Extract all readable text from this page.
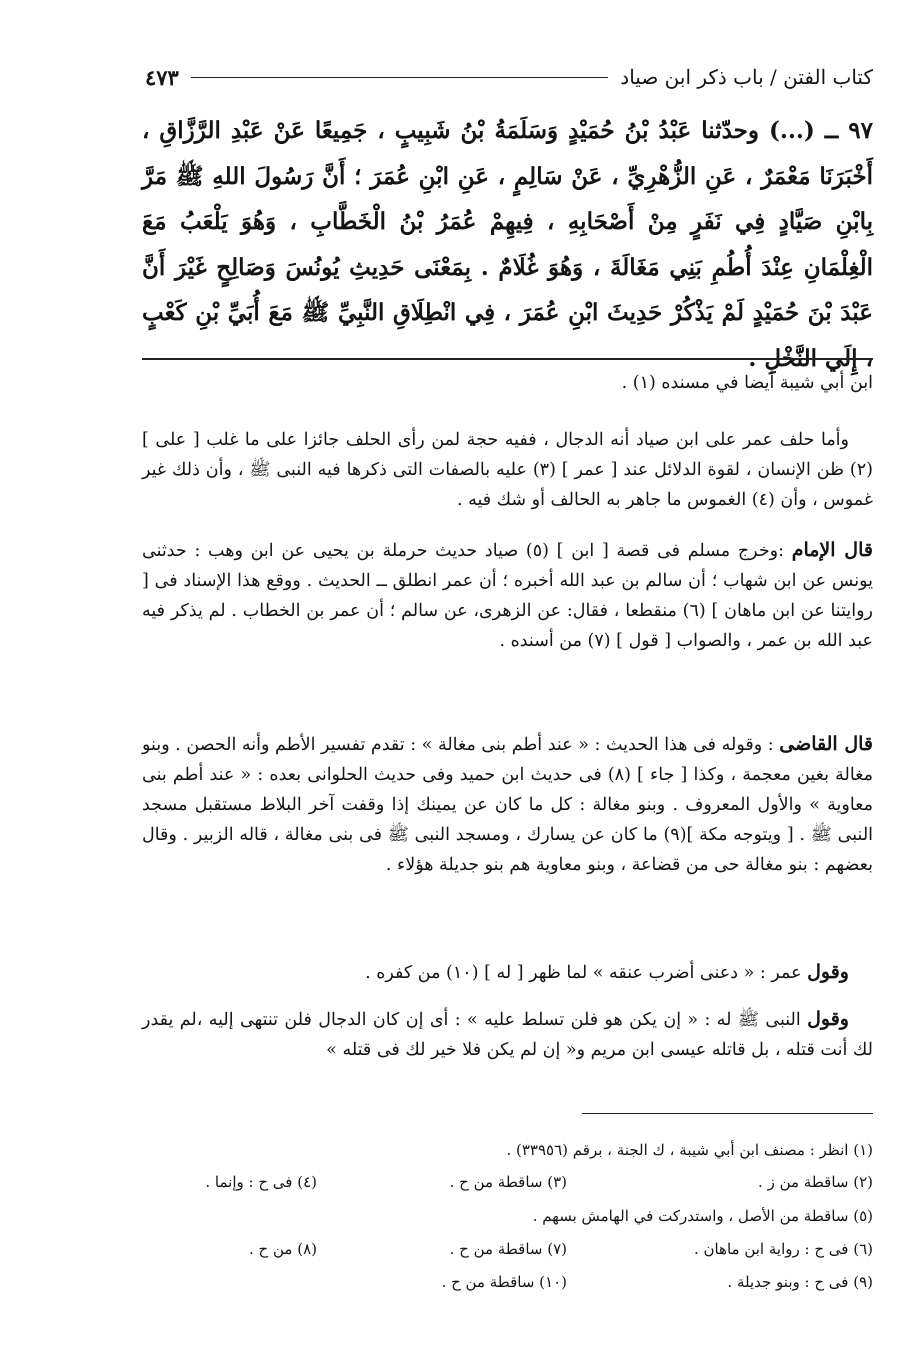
كتاب الفتن / باب ذكر ابن صياد
٤٧٣
٩٧ ــ (...) وحدّثنا عَبْدُ بْنُ حُمَيْدٍ وَسَلَمَةُ بْنُ شَبِيبٍ ، جَمِيعًا عَنْ عَبْدِ الرَّزَّاقِ ، أَخْبَرَنَا مَعْمَرٌ ، عَنِ الزُّهْرِيِّ ، عَنْ سَالِمٍ ، عَنِ ابْنِ عُمَرَ ؛ أَنَّ رَسُولَ اللهِ ﷺ مَرَّ بِابْنِ صَيَّادٍ فِي نَفَرٍ مِنْ أَصْحَابِهِ ، فِيهِمْ عُمَرُ بْنُ الْخَطَّابِ ، وَهُوَ يَلْعَبُ مَعَ الْغِلْمَانِ عِنْدَ أُطُمِ بَنِي مَغَالَةَ ، وَهُوَ غُلَامٌ . بِمَعْنَى حَدِيثِ يُونُسَ وَصَالِحٍ غَيْرَ أَنَّ عَبْدَ بْنَ حُمَيْدٍ لَمْ يَذْكُرْ حَدِيثَ ابْنِ عُمَرَ ، فِي انْطِلَاقِ النَّبِيِّ ﷺ مَعَ أُبَيِّ بْنِ كَعْبٍ ، إِلَي النَّخْلِ .

ابن أبي شيبة أيضا في مسنده (١) .

وأما حلف عمر على ابن صياد أنه الدجال ، ففيه حجة لمن رأى الحلف جائزا على ما غلب [ على ] (٢) ظن الإنسان ، لقوة الدلائل عند [ عمر ] (٣) عليه بالصفات التى ذكرها فيه النبى ﷺ ، وأن ذلك غير غموس ، وأن (٤) الغموس ما جاهر به الحالف أو شك فيه .

قال الإمام :وخرج مسلم فى قصة [ ابن ] (٥) صياد حديث حرملة بن يحيى عن ابن وهب : حدثنى يونس عن ابن شهاب ؛ أن سالم بن عبد الله أخبره ؛ أن عمر انطلق ــ الحديث . ووقع هذا الإسناد فى [ روايتنا عن ابن ماهان ] (٦) منقطعا ، فقال: عن الزهرى، عن سالم ؛ أن عمر بن الخطاب . لم يذكر فيه عبد الله بن عمر ، والصواب [ قول ] (٧) من أسنده .

قال القاضى : وقوله فى هذا الحديث : « عند أطم بنى مغالة » : تقدم تفسير الأطم وأنه الحصن . وبنو مغالة بغين معجمة ، وكذا [ جاء ] (٨) فى حديث ابن حميد وفى حديث الحلوانى بعده : « عند أطم بنى معاوية » والأول المعروف . وبنو مغالة : كل ما كان عن يمينك إذا وقفت آخر البلاط مستقبل مسجد النبى ﷺ . [ ويتوجه مكة ](٩) ما كان عن يسارك ، ومسجد النبى ﷺ فى بنى مغالة ، قاله الزبير . وقال بعضهم : بنو مغالة حى من قضاعة ، وبنو معاوية هم بنو جديلة هؤلاء .

وقول عمر : « دعنى أضرب عنقه » لما ظهر [ له ] (١٠) من كفره .

وقول النبى ﷺ له : « إن يكن هو فلن تسلط عليه » : أى إن كان الدجال فلن تنتهى إليه ،لم يقدر لك أنت قتله ، بل قاتله عيسى ابن مريم و« إن لم يكن فلا خير لك فى قتله »

(١) انظر : مصنف ابن أبي شيبة ، ك الجنة ، برقم (٣٣٩٥٦) .
(٢) ساقطة من ز .
(٣) ساقطة من ح .
(٤) فى ح : وإنما .
(٥) ساقطة من الأصل ، واستدركت في الهامش بسهم .
(٦) فى ح : رواية ابن ماهان .
(٧) ساقطة من ح .
(٨) من ح .
(٩) فى ح : وبنو جديلة .
(١٠) ساقطة من ح .
